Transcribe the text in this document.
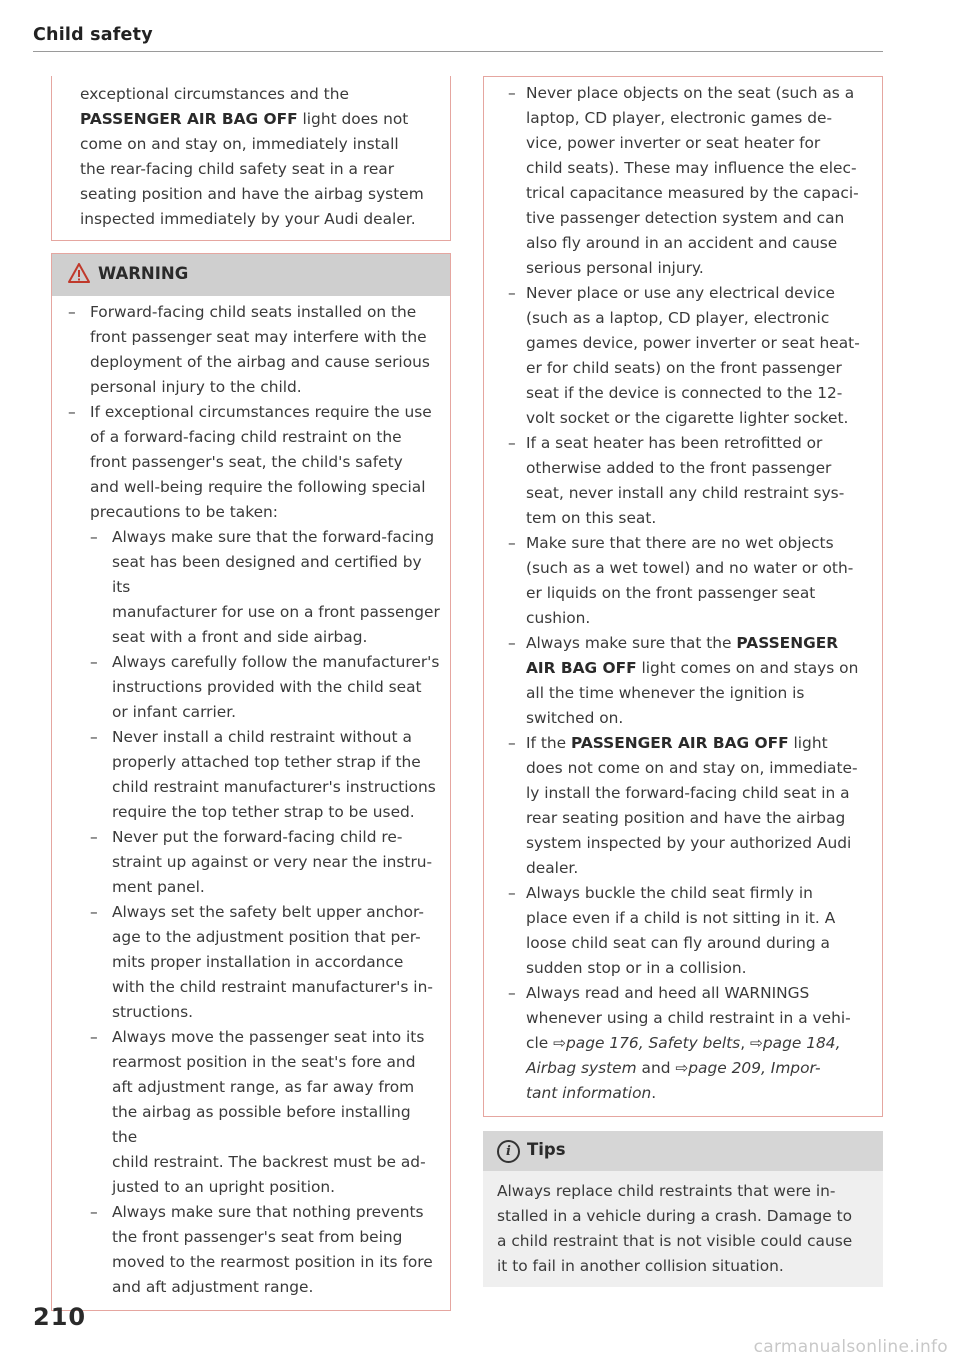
Child safety
exceptional circumstances and the
PASSENGER AIR BAG OFF light does not
come on and stay on, immediately install
the rear-facing child safety seat in a rear
seating position and have the airbag system
inspected immediately by your Audi dealer.
WARNING
– Forward-facing child seats installed on the
front passenger seat may interfere with the
deployment of the airbag and cause serious
personal injury to the child.
– If exceptional circumstances require the use
of a forward-facing child restraint on the
front passenger's seat, the child's safety
and well-being require the following special
precautions to be taken:
– Always make sure that the forward-facing
seat has been designed and certified by its
manufacturer for use on a front passenger
seat with a front and side airbag.
– Always carefully follow the manufacturer's
instructions provided with the child seat
or infant carrier.
– Never install a child restraint without a
properly attached top tether strap if the
child restraint manufacturer's instructions
require the top tether strap to be used.
– Never put the forward-facing child re-
straint up against or very near the instru-
ment panel.
– Always set the safety belt upper anchor-
age to the adjustment position that per-
mits proper installation in accordance
with the child restraint manufacturer's in-
structions.
– Always move the passenger seat into its
rearmost position in the seat's fore and
aft adjustment range, as far away from
the airbag as possible before installing the
child restraint. The backrest must be ad-
justed to an upright position.
– Always make sure that nothing prevents
the front passenger's seat from being
moved to the rearmost position in its fore
and aft adjustment range.
– Never place objects on the seat (such as a
laptop, CD player, electronic games de-
vice, power inverter or seat heater for
child seats). These may influence the elec-
trical capacitance measured by the capaci-
tive passenger detection system and can
also fly around in an accident and cause
serious personal injury.
– Never place or use any electrical device
(such as a laptop, CD player, electronic
games device, power inverter or seat heat-
er for child seats) on the front passenger
seat if the device is connected to the 12-
volt socket or the cigarette lighter socket.
– If a seat heater has been retrofitted or
otherwise added to the front passenger
seat, never install any child restraint sys-
tem on this seat.
– Make sure that there are no wet objects
(such as a wet towel) and no water or oth-
er liquids on the front passenger seat
cushion.
– Always make sure that the PASSENGER
AIR BAG OFF light comes on and stays on
all the time whenever the ignition is
switched on.
– If the PASSENGER AIR BAG OFF light
does not come on and stay on, immediate-
ly install the forward-facing child seat in a
rear seating position and have the airbag
system inspected by your authorized Audi
dealer.
– Always buckle the child seat firmly in
place even if a child is not sitting in it. A
loose child seat can fly around during a
sudden stop or in a collision.
– Always read and heed all WARNINGS
whenever using a child restraint in a vehi-
cle ⇨page 176, Safety belts, ⇨page 184,
Airbag system and ⇨page 209, Impor-
tant information.
i Tips
Always replace child restraints that were in-
stalled in a vehicle during a crash. Damage to
a child restraint that is not visible could cause
it to fail in another collision situation.
210
carmanualsonline.info
